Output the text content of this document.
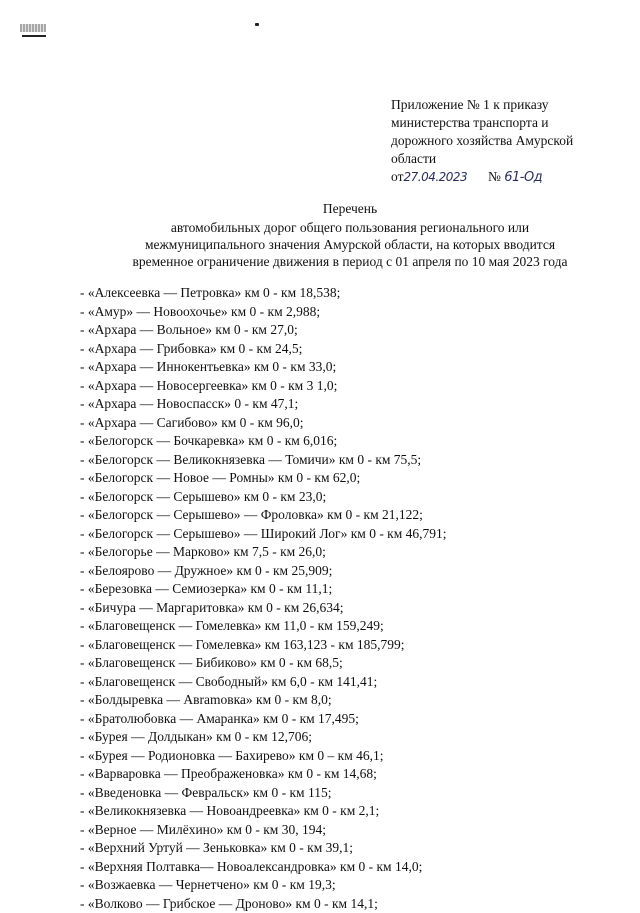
Приложение № 1 к приказу
министерства транспорта и
дорожного хозяйства Амурской
области
от27.04.2023 № 61-Од
Перечень
автомобильных дорог общего пользования регионального или
межмуниципального значения Амурской области, на которых вводится
временное ограничение движения в период с 01 апреля по 10 мая 2023 года
- «Алексеевка — Петровка» км 0 - км 18,538;
- «Амур» — Новоохочье» км 0 - км 2,988;
- «Архара — Вольное» км 0 - км 27,0;
- «Архара — Грибовка» км 0 - км 24,5;
- «Архара — Иннокентьевка» км 0 - км 33,0;
- «Архара — Новосергеевка» км 0 - км 3 1,0;
- «Архара — Новоспасск» 0 - км 47,1;
- «Архара — Сагибово» км 0 - км 96,0;
- «Белогорск — Бочкаревка» км 0 - км 6,016;
- «Белогорск — Великокнязевка — Томичи» км 0 - км 75,5;
- «Белогорск — Новое — Ромны» км 0 - км 62,0;
- «Белогорск — Серышево» км 0 - км 23,0;
- «Белогорск — Серышево» — Фроловка» км 0 - км 21,122;
- «Белогорск — Серышево» — Широкий Лог» км 0 - км 46,791;
- «Белогорье — Марково» км 7,5 - км 26,0;
- «Белоярово — Дружное» км 0 - км 25,909;
- «Березовка — Семиозерка» км 0 - км 11,1;
- «Бичура — Маргаритовка» км 0 - км 26,634;
- «Благовещенск — Гомелевка» км 11,0 - км 159,249;
- «Благовещенск — Гомелевка» км 163,123 - км 185,799;
- «Благовещенск — Бибиково» км 0 - км 68,5;
- «Благовещенск — Свободный» км 6,0 - км 141,41;
- «Болдыревка — Авramовка» км 0 - км 8,0;
- «Братолюбовка — Амаранка» км 0 - км 17,495;
- «Бурея — Долдыкан» км 0 - км 12,706;
- «Бурея — Родионовка — Бахирево» км 0 – км 46,1;
- «Варваровка — Преображеновка» км 0 - км 14,68;
- «Введеновка — Февральск» км 0 - км 115;
- «Великокнязевка — Новоандреевка» км 0 - км 2,1;
- «Верное — Милёхино» км 0 - км 30, 194;
- «Верхний Уртуй — Зеньковка» км 0 - км 39,1;
- «Верхняя Полтавка— Новоалександровка» км 0 - км 14,0;
- «Возжаевка — Чернетчено» км 0 - км 19,3;
- «Волково — Грибское — Дроново» км 0 - км 14,1;
